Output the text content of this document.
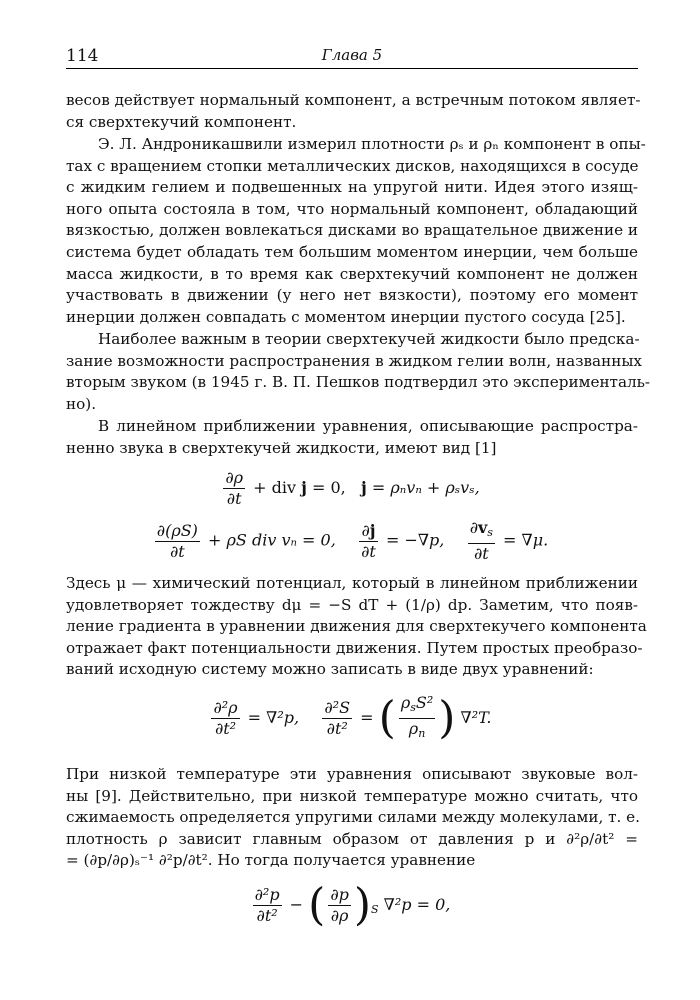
114	Глава 5
весов действует нормальный компонент, а встречным потоком являет-
ся сверхтекучий компонент.
Э. Л. Андроникашвили измерил плотности ρₛ и ρₙ компонент в опы-
тах с вращением стопки металлических дисков, находящихся в сосуде
с жидким гелием и подвешенных на упругой нити. Идея этого изящ-
ного опыта состояла в том, что нормальный компонент, обладающий
вязкостью, должен вовлекаться дисками во вращательное движение и
система будет обладать тем большим моментом инерции, чем больше
масса жидкости, в то время как сверхтекучий компонент не должен
участвовать в движении (у него нет вязкости), поэтому его момент
инерции должен совпадать с моментом инерции пустого сосуда [25].
Наиболее важным в теории сверхтекучей жидкости было предска-
зание возможности распространения в жидком гелии волн, названных
вторым звуком (в 1945 г. В. П. Пешков подтвердил это эксперименталь-
но).
В линейном приближении уравнения, описывающие распростра-
ненно звука в сверхтекучей жидкости, имеют вид [1]
$\frac{\partial\rho}{\partial t}$ + div j = 0, j = ρₙvₙ + ρₛvₛ,
$\frac{\partial(\rho S)}{\partial t} + \rho S$ div vₙ = 0, $\frac{\partial j}{\partial t} = -\nabla p$, $\frac{\partial v_s}{\partial t} = \nabla\mu$.
Здесь μ — химический потенциал, который в линейном приближении
удовлетворяет тождеству dμ = −S dT + (1/ρ) dp. Заметим, что появ-
ление градиента в уравнении движения для сверхтекучего компонента
отражает факт потенциальности движения. Путем простых преобразо-
ваний исходную систему можно записать в виде двух уравнений:
$\frac{\text{∂²ρ}}{\text{∂t²}} = \nabla^2p$, $\frac{\text{∂²S}}{\text{∂t²}}$ = ( $\frac{\rho_sS^2}{\rho_n}$ ) ∇²T.
При низкой температуре эти уравнения описывают звуковые вол-
ны [9]. Действительно, при низкой температуре можно считать, что
сжимаемость определяется упругими силами между молекулами, т. е.
плотность ρ зависит главным образом от давления p и ∂²ρ/∂t² =
= (∂p/∂ρ)ₛ⁻¹ ∂²p/∂t². Но тогда получается уравнение
$\frac{\text{∂²p}}{\text{∂t²}}$ − ( $\frac{\partial p}{\partial\rho} )_S$ ∇²p = 0,
